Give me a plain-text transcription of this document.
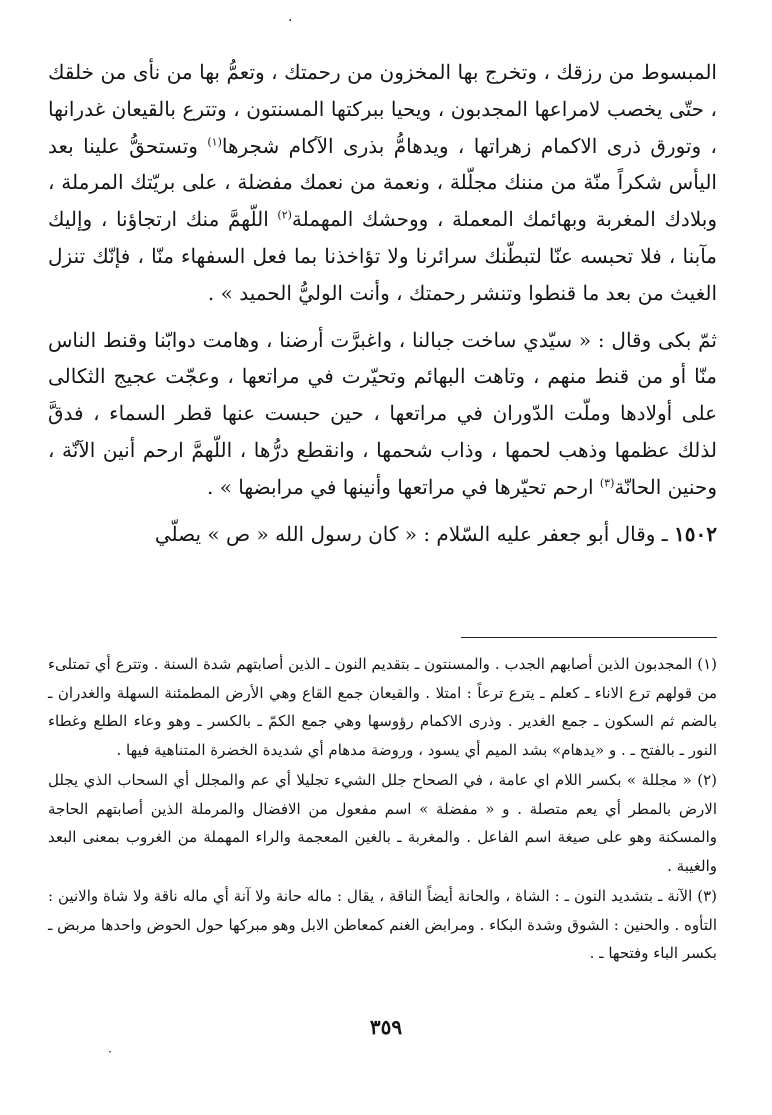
·

المبسوط من رزقك ، وتخرج بها المخزون من رحمتك ، وتعمُّ بها من نأى من خلقك ، حتّى يخصب لامراعها المجدبون ، ويحيا ببركتها المسنتون ، وتترع بالقيعان غدرانها ، وتورق ذرى الاكمام زهراتها ، ويدهامُّ بذرى الآكام شجرها$^{(١)}$ وتستحقُّ علينا بعد اليأس شكراً منّة من مننك مجلّلة ، ونعمة من نعمك مفضلة ، على بريّتك المرملة ، وبلادك المغربة وبهائمك المعملة ، ووحشك المهملة$^{(٢)}$ اللّهمَّ منك ارتجاؤنا ، وإليك مآبنا ، فلا تحبسه عنّا لتبطّنك سرائرنا ولا تؤاخذنا بما فعل السفهاء منّا ، فإنّك تنزل الغيث من بعد ما قنطوا وتنشر رحمتك ، وأنت الوليُّ الحميد » .

ثمّ بكى وقال : « سيّدي ساخت جبالنا ، واغبرَّت أرضنا ، وهامت دوابّنا وقنط الناس منّا أو من قنط منهم ، وتاهت البهائم وتحيّرت في مراتعها ، وعجّت عجيج الثكالى على أولادها وملّت الدّوران في مراتعها ، حين حبست عنها قطر السماء ، فدقَّ لذلك عظمها وذهب لحمها ، وذاب شحمها ، وانقطع درُّها ، اللّهمَّ ارحم أنين الآنّة ، وحنين الحانّة$^{(٣)}$ ارحم تحيّرها في مراتعها وأنينها في مرابضها » .

١٥٠٢ ـ وقال أبو جعفر عليه السّلام : « كان رسول الله « ص » يصلّي

(١) المجدبون الذين أصابهم الجدب . والمسنتون ـ بتقديم النون ـ الذين أصابتهم شدة السنة . وتترع أي تمتلىء من قولهم ترع الاناء ـ كعلم ـ يترع ترعاً : امتلا . والقيعان جمع القاع وهي الأرض المطمئنة السهلة والغدران ـ بالضم ثم السكون ـ جمع الغدير . وذرى الاكمام رؤوسها وهي جمع الكمّ ـ بالكسر ـ وهو وعاء الطلع وغطاء النور ـ بالفتح ـ . و «يدهام» بشد الميم أي يسود ، وروضة مدهام أي شديدة الخضرة المتناهية فيها .

(٢) « مجللة » بكسر اللام اي عامة ، في الصحاح جلل الشيء تجليلا أي عم والمجلل أي السحاب الذي يجلل الارض بالمطر أي يعم متصلة . و « مفضلة » اسم مفعول من الافضال والمرملة الذين أصابتهم الحاجة والمسكنة وهو على صيغة اسم الفاعل . والمغربة ـ بالغين المعجمة والراء المهملة من الغروب بمعنى البعد والغيبة .

(٣) الآنة ـ بتشديد النون ـ : الشاة ، والحانة أيضاً الناقة ، يقال : ماله حانة ولا آنة أي ماله ناقة ولا شاة والانين : التأوه . والحنين : الشوق وشدة البكاء . ومرابض الغنم كمعاطن الابل وهو مبركها حول الحوض واحدها مربض ـ بكسر الباء وفتحها ـ .

٣٥٩
·
